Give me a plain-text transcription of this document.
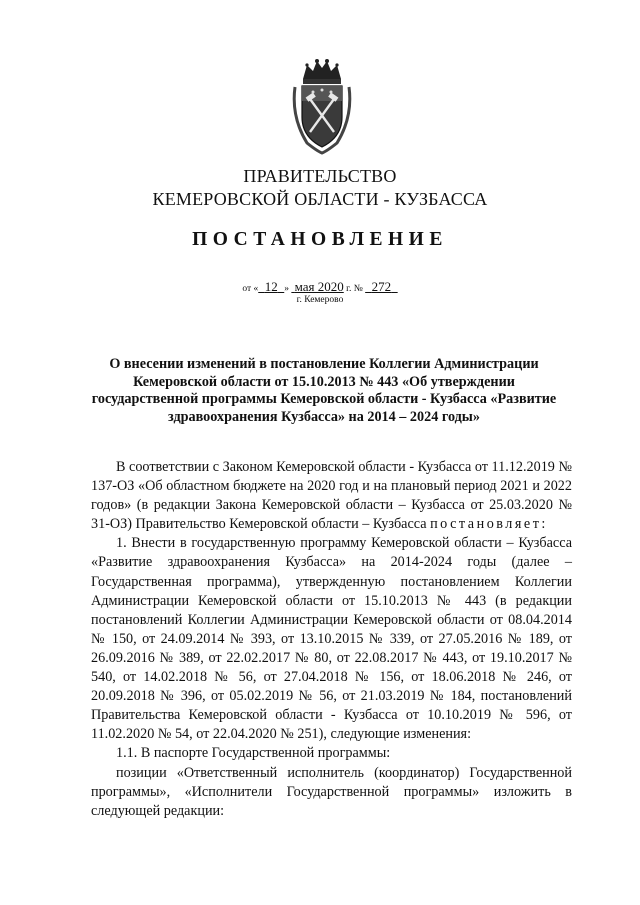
ПРАВИТЕЛЬСТВО
КЕМЕРОВСКОЙ ОБЛАСТИ - КУЗБАССА
ПОСТАНОВЛЕНИЕ
от « 12 » мая 2020 г. № 272
г. Кемерово
О внесении изменений в постановление Коллегии Администрации Кемеровской области от 15.10.2013 № 443 «Об утверждении государственной программы Кемеровской области - Кузбасса «Развитие здравоохранения Кузбасса» на 2014 – 2024 годы»

В соответствии с Законом Кемеровской области - Кузбасса от 11.12.2019 № 137-ОЗ «Об областном бюджете на 2020 год и на плановый период 2021 и 2022 годов» (в редакции Закона Кемеровской области – Кузбасса от 25.03.2020 № 31-ОЗ) Правительство Кемеровской области – Кузбасса постановляет:

1. Внести в государственную программу Кемеровской области – Кузбасса «Развитие здравоохранения Кузбасса» на 2014-2024 годы (далее – Государственная программа), утвержденную постановлением Коллегии Администрации Кемеровской области от 15.10.2013 № 443 (в редакции постановлений Коллегии Администрации Кемеровской области от 08.04.2014 № 150, от 24.09.2014 № 393, от 13.10.2015 № 339, от 27.05.2016 № 189, от 26.09.2016 № 389, от 22.02.2017 № 80, от 22.08.2017 № 443, от 19.10.2017 № 540, от 14.02.2018 № 56, от 27.04.2018 № 156, от 18.06.2018 № 246, от 20.09.2018 № 396, от 05.02.2019 № 56, от 21.03.2019 № 184, постановлений Правительства Кемеровской области - Кузбасса от 10.10.2019 № 596, от 11.02.2020 № 54, от 22.04.2020 № 251), следующие изменения:

1.1. В паспорте Государственной программы:

позиции «Ответственный исполнитель (координатор) Государственной программы», «Исполнители Государственной программы» изложить в следующей редакции:
